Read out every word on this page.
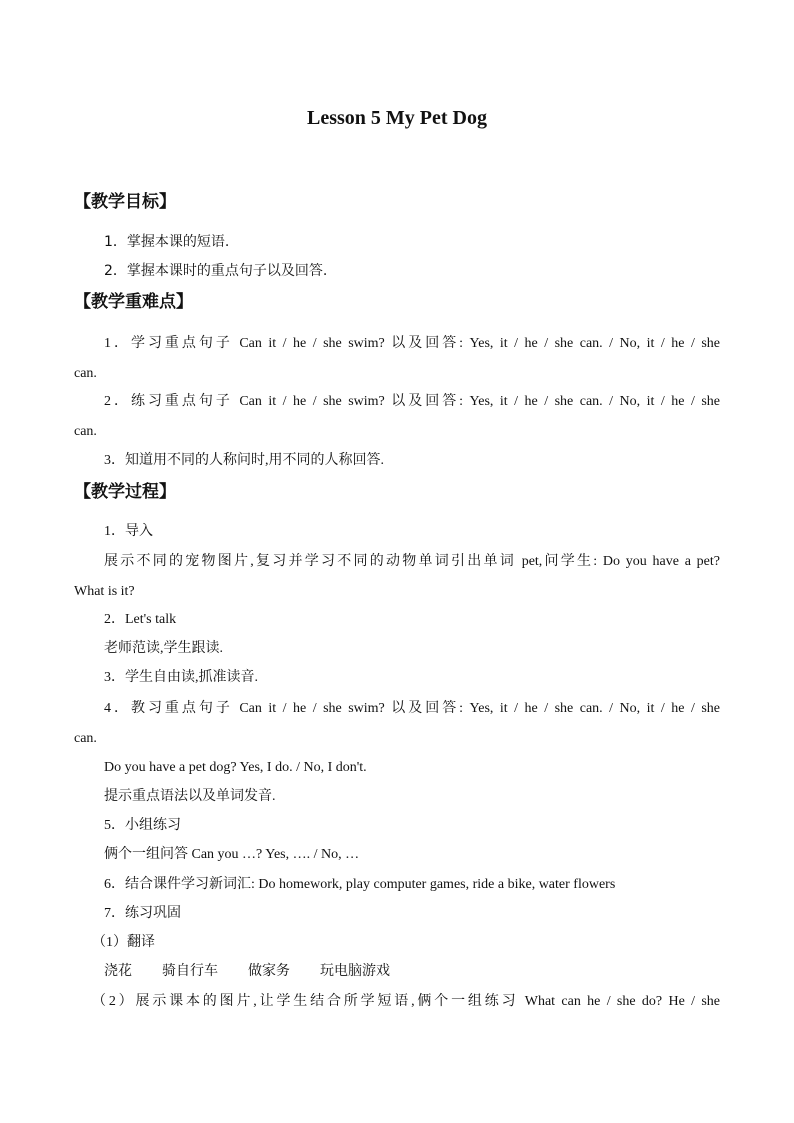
Lesson 5 My Pet Dog
【教学目标】
1．掌握本课的短语.
2．掌握本课时的重点句子以及回答.
【教学重难点】
1．学习重点句子 Can it / he / she swim? 以及回答: Yes, it / he / she can. / No, it / he / she
can.
2．练习重点句子 Can it / he / she swim? 以及回答: Yes, it / he / she can. / No, it / he / she
can.
3．知道用不同的人称问时,用不同的人称回答.
【教学过程】
1．导入
展示不同的宠物图片,复习并学习不同的动物单词引出单词 pet,问学生: Do you have a pet?
What is it?
2．Let's talk
老师范读,学生跟读.
3．学生自由读,抓准读音.
4．教习重点句子 Can it / he / she swim? 以及回答: Yes, it / he / she can. / No, it / he / she
can.
Do you have a pet dog? Yes, I do. / No, I don't.
提示重点语法以及单词发音.
5．小组练习
俩个一组问答 Can you …? Yes, …. / No, …
6．结合课件学习新词汇: Do homework, play computer games, ride a bike, water flowers
7．练习巩固
（1）翻译
浇花 骑自行车 做家务 玩电脑游戏
（2）展示课本的图片,让学生结合所学短语,俩个一组练习 What can he / she do? He / she
